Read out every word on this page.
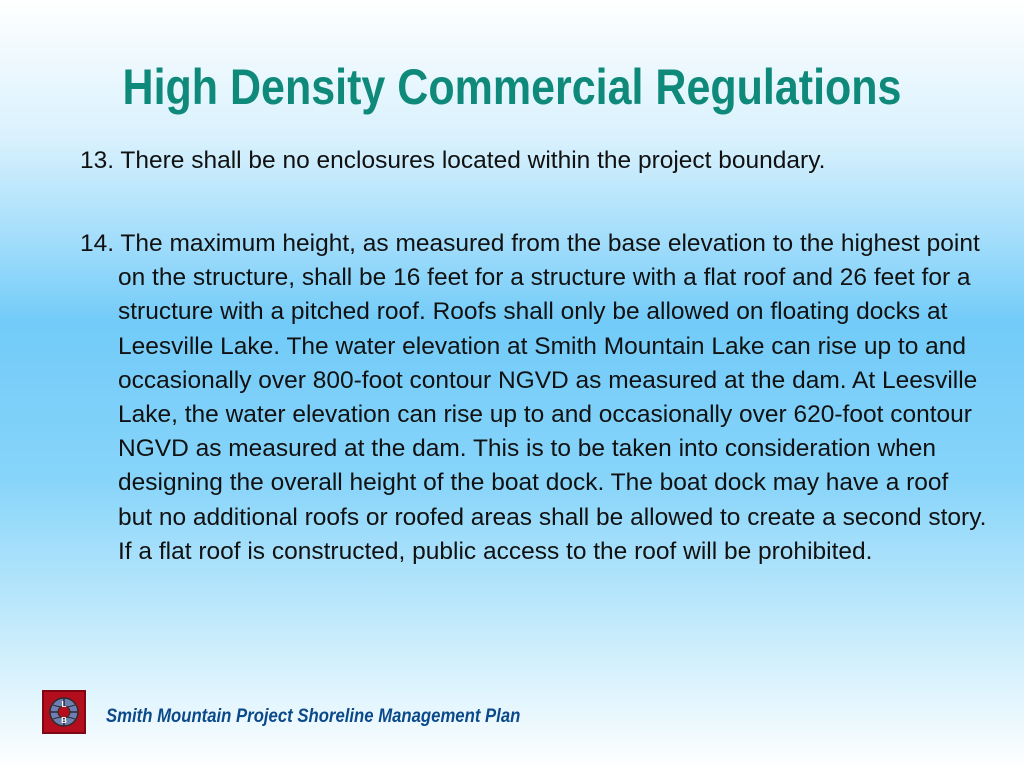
High Density Commercial Regulations

13. There shall be no enclosures located within the project boundary.

14. The maximum height, as measured from the base elevation to the highest point on the structure, shall be 16 feet for a structure with a flat roof and 26 feet for a structure with a pitched roof. Roofs shall only be allowed on floating docks at Leesville Lake. The water elevation at Smith Mountain Lake can rise up to and occasionally over 800-foot contour NGVD as measured at the dam. At Leesville Lake, the water elevation can rise up to and occasionally over 620-foot contour NGVD as measured at the dam. This is to be taken into consideration when designing the overall height of the boat dock. The boat dock may have a roof but no additional roofs or roofed areas shall be allowed to create a second story. If a flat roof is constructed, public access to the roof will be prohibited.

L
B Smith Mountain Project Shoreline Management Plan
